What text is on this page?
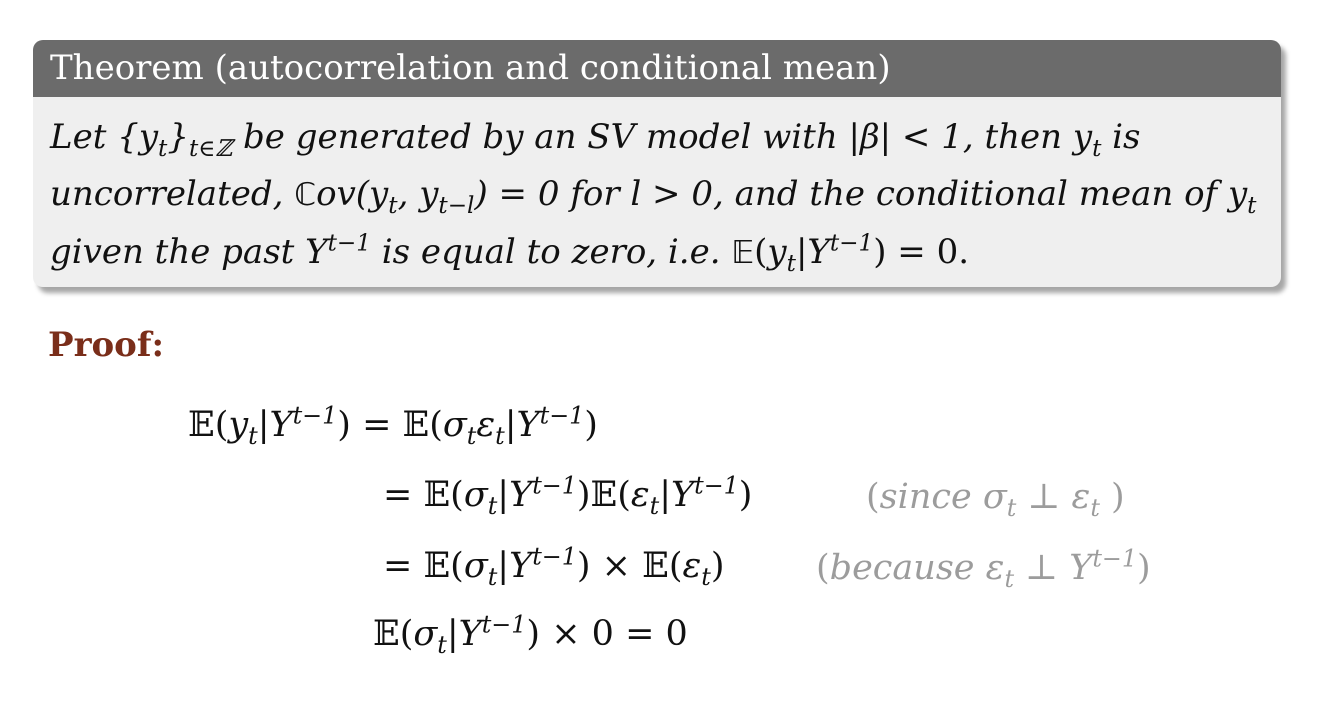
Theorem (autocorrelation and conditional mean)
Let $\{y_t\}_{t\in ℤ}$ be generated by an SV model with |β| < 1, then $y_t$ is
uncorrelated, $ℂov(y_t$, $y_{t-l}) = 0$ for l > 0, and the conditional mean of $y_t$
given the past $Y^{t-1}$ is equal to zero, i.e. $𝔼(y_t|Y^{t-1}) = 0$.
Proof:
$�(y_t|Y^{t-1})$ = $�(\sigma_t\varepsilon_t|Y^{t-1})$
= $�(\sigma_t|Y^{t-1})�(\varepsilon_t|Y^{t-1})$	(since $\sigma_t$ ⊥ $\varepsilon_t$ )
= $�(\sigma_t|Y^{t-1})$ × $�(\varepsilon_t)$	(because $\varepsilon_t$ ⊥ $Y^{t-1}$)
$�(\sigma_t|Y^{t-1}) \times 0 = 0$
